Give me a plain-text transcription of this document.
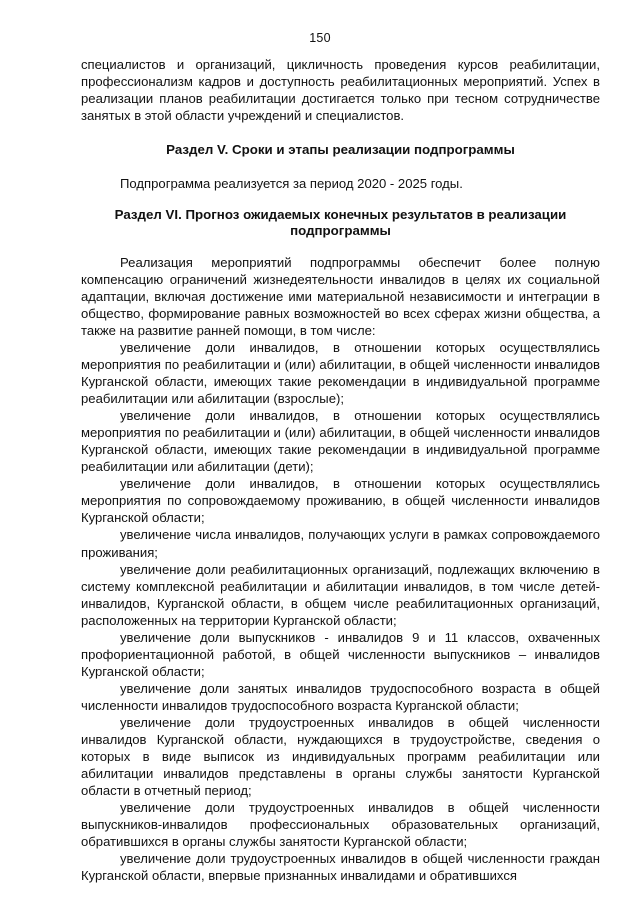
150

специалистов и организаций, цикличность проведения курсов реабилитации, профессионализм кадров и доступность реабилитационных мероприятий. Успех в реализации планов реабилитации достигается только при тесном сотрудничестве занятых в этой области учреждений и специалистов.

Раздел V. Сроки и этапы реализации подпрограммы

Подпрограмма реализуется за период 2020 - 2025 годы.

Раздел VI. Прогноз ожидаемых конечных результатов в реализации подпрограммы

Реализация мероприятий подпрограммы обеспечит более полную компенсацию ограничений жизнедеятельности инвалидов в целях их социальной адаптации, включая достижение ими материальной независимости и интеграции в общество, формирование равных возможностей во всех сферах жизни общества, а также на развитие ранней помощи, в том числе:

увеличение доли инвалидов, в отношении которых осуществлялись мероприятия по реабилитации и (или) абилитации, в общей численности инвалидов Курганской области, имеющих такие рекомендации в индивидуальной программе реабилитации или абилитации (взрослые);

увеличение доли инвалидов, в отношении которых осуществлялись мероприятия по реабилитации и (или) абилитации, в общей численности инвалидов Курганской области, имеющих такие рекомендации в индивидуальной программе реабилитации или абилитации (дети);

увеличение доли инвалидов, в отношении которых осуществлялись мероприятия по сопровождаемому проживанию, в общей численности инвалидов Курганской области;

увеличение числа инвалидов, получающих услуги в рамках сопровождаемого проживания;

увеличение доли реабилитационных организаций, подлежащих включению в систему комплексной реабилитации и абилитации инвалидов, в том числе детей-инвалидов, Курганской области, в общем числе реабилитационных организаций, расположенных на территории Курганской области;

увеличение доли выпускников - инвалидов 9 и 11 классов, охваченных профориентационной работой, в общей численности выпускников – инвалидов Курганской области;

увеличение доли занятых инвалидов трудоспособного возраста в общей численности инвалидов трудоспособного возраста Курганской области;

увеличение доли трудоустроенных инвалидов в общей численности инвалидов Курганской области, нуждающихся в трудоустройстве, сведения о которых в виде выписок из индивидуальных программ реабилитации или абилитации инвалидов представлены в органы службы занятости Курганской области в отчетный период;

увеличение доли трудоустроенных инвалидов в общей численности выпускников-инвалидов профессиональных образовательных организаций, обратившихся в органы службы занятости Курганской области;

увеличение доли трудоустроенных инвалидов в общей численности граждан Курганской области, впервые признанных инвалидами и обратившихся
